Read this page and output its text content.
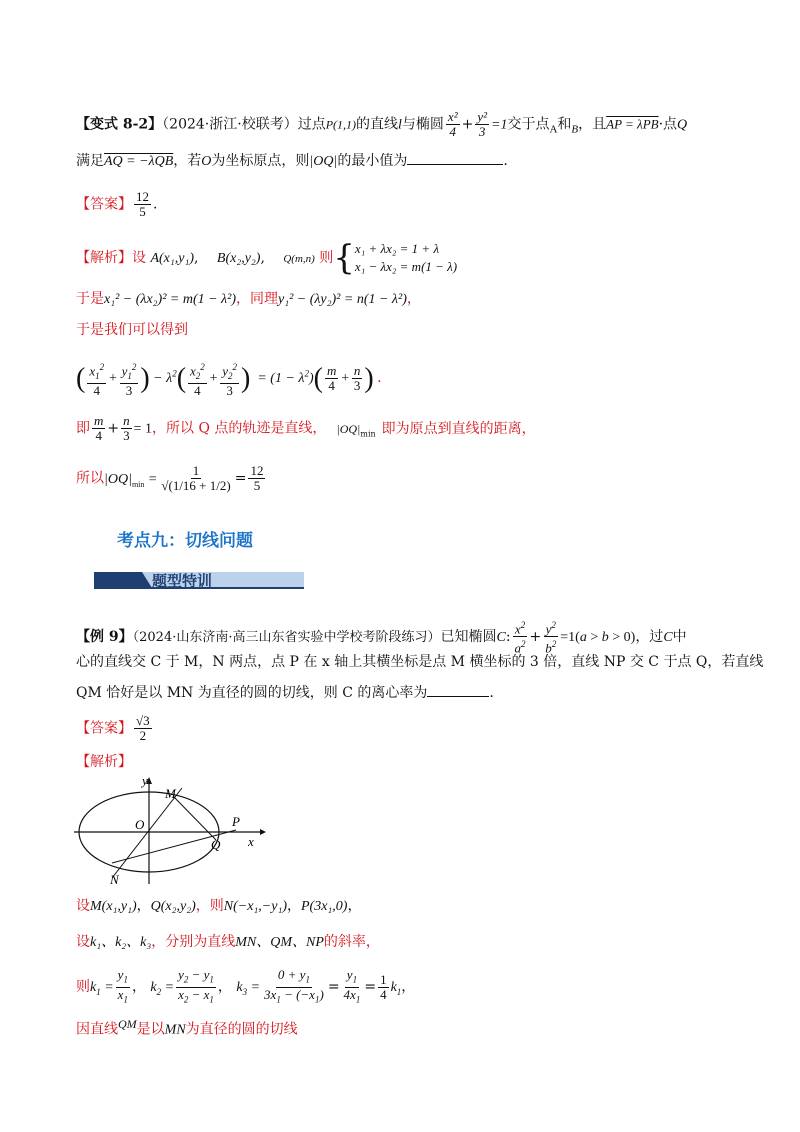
【变式 8-2】（2024·浙江·校联考）过点P(1,1)的直线l与椭圆 $\frac{\text{x²}}{4} + \frac{\text{y²}}{3} =1$交于点$_A$和$_B$，且AP = λPB·点Q
满足AQ = −λQB，若O为坐标原点，则|OQ|的最小值为	.
【答案】 $\frac{12}{5}$ .
【解析】设 A(x₁,y₁), B(x₂,y₂), Q(m,n) 则{ x₁ + λx₂ = 1 + λ
x₁ − λx₂ = m(1 − λ)
于是x₁² − (λx₂)² = m(1 − λ²)，同理y₁² − (λy₂)² = n(1 − λ²)，
于是我们可以得到
( $\frac{x_1^2}{4} + \frac{y_1^2}{3}$ ) − $\lambda^2( \frac{x_2^2}{4} + \frac{y_2^2}{3}$ )  = $(1 - \lambda^2)( \frac{m}{4} + \frac{n}{3}$ ) .
即 $\frac{m}{4} + \frac{n}{3} = 1$，所以 Q 点的轨迹是直线， $|OQ|_{min}$ 即为原点到直线的距离，
所以$|OQ|_{min} = \frac{1}{√(1/16 + 1/2)} = \frac{12}{5}$
考点九：切线问题
题型特训
【例 9】（2024·山东济南·高三山东省实验中学校考阶段练习）已知椭圆C: $\frac{x^2}{a^2} + \frac{y^2}{b^2} =1(a > b > 0)$，过C中
心的直线交 C 于 M，N 两点，点 P 在 x 轴上其横坐标是点 M 横坐标的 3 倍，直线 NP 交 C 于点 Q，若直线
QM 恰好是以 MN 为直径的圆的切线，则 C 的离心率为	.
【答案】 $\frac{√3}{2}$
【解析】
y
x
M
O	P
Q
N
设M(x₁,y₁)，Q(x₂,y₂)，则N(−x₁,−y₁)，P(3x₁,0)，
设k₁、k₂、k₃，分别为直线MN、QM、NP的斜率，
则$k_1 = \frac{y_1}{x_1}$ ， $k_2 = \frac{y_2 - y_1}{x_2 - x_1}$ ， $k_3 = \frac{0 + y_1}{3x_1 - (-x_1)} = \frac{y_1}{4x_1} = \frac{1}{4} k_1$，
因直线QM是以MN为直径的圆的切线
